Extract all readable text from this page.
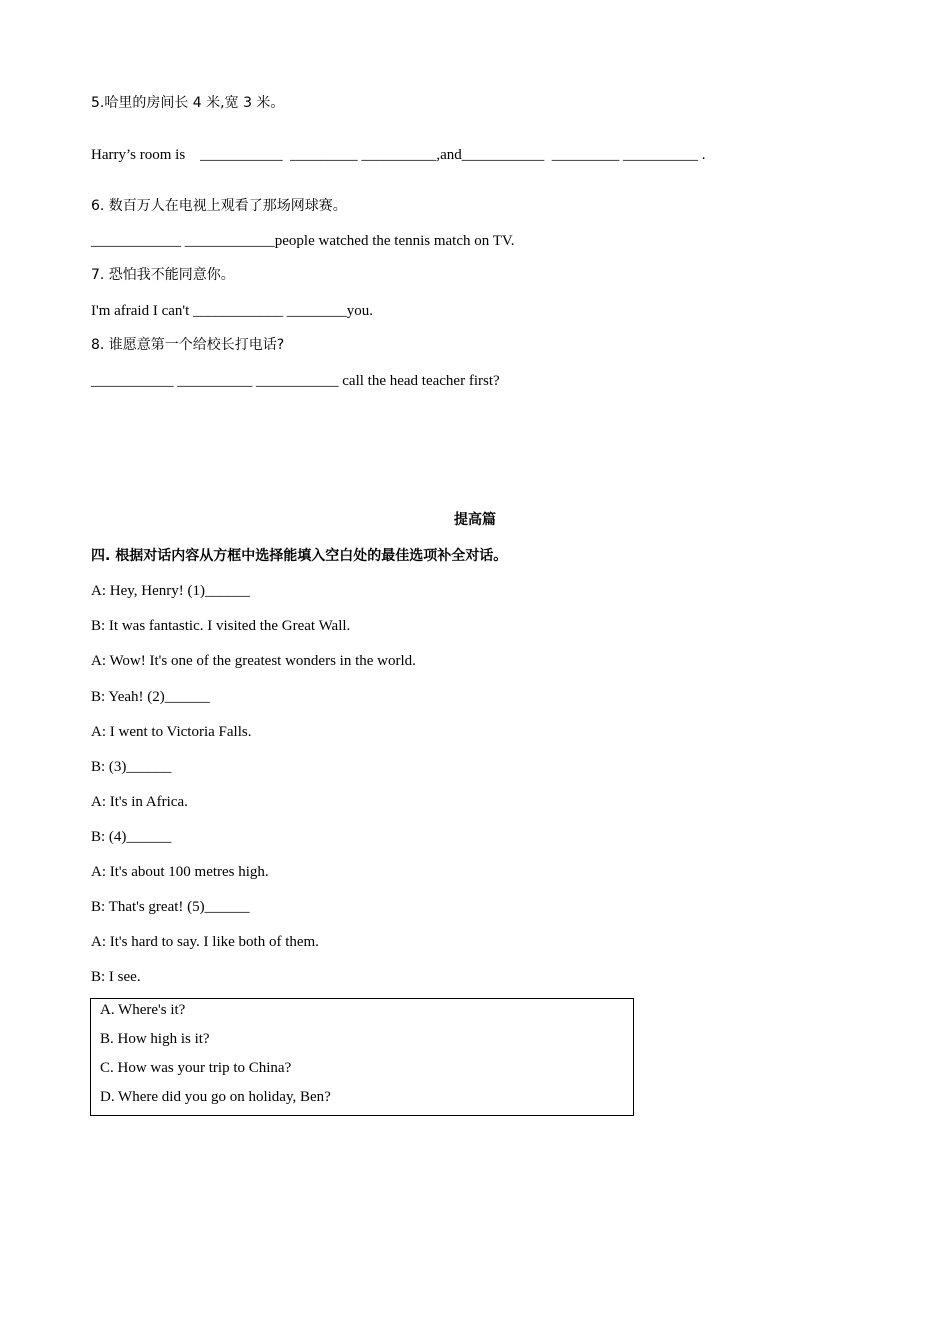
5.哈里的房间长 4 米,宽 3 米。
Harry’s room is    ___________  _________ __________,and___________  _________ __________ .
6. 数百万人在电视上观看了那场网球赛。
____________ ____________people watched the tennis match on TV.
7. 恐怕我不能同意你。
I'm afraid I can't ____________ ________you.
8. 谁愿意第一个给校长打电话?
___________ __________ ___________ call the head teacher first?
提高篇
四. 根据对话内容从方框中选择能填入空白处的最佳选项补全对话。
A: Hey, Henry! (1)______
B: It was fantastic. I visited the Great Wall.
A: Wow! It's one of the greatest wonders in the world.
B: Yeah! (2)______
A: I went to Victoria Falls.
B: (3)______
A: It's in Africa.
B: (4)______
A: It's about 100 metres high.
B: That's great! (5)______
A: It's hard to say. I like both of them.
B: I see.
A. Where's it?
B. How high is it?
C. How was your trip to China?
D. Where did you go on holiday, Ben?
